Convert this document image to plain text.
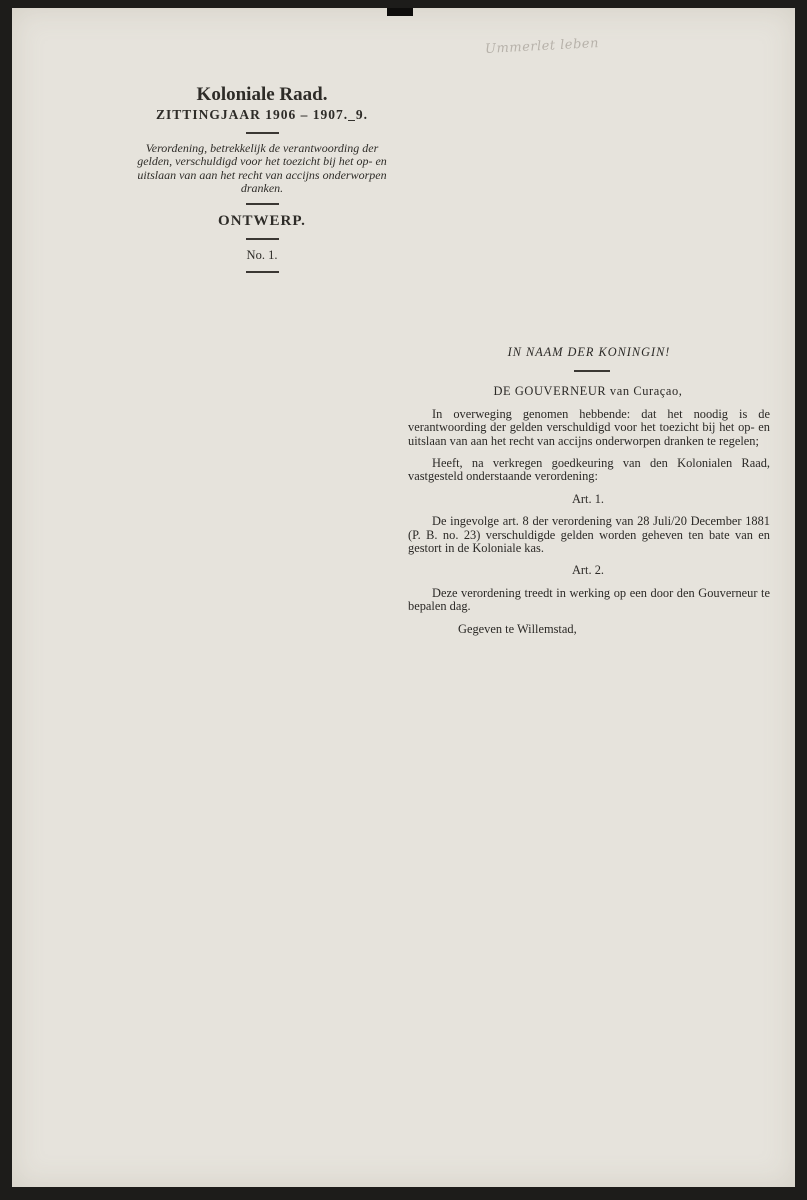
Ummerlet leben
Koloniale Raad.
ZITTINGJAAR 1906 – 1907._9.
Verordening, betrekkelijk de verantwoording der gelden, verschuldigd voor het toezicht bij het op- en uitslaan van aan het recht van accijns onderworpen dranken.
ONTWERP.
No. 1.
IN NAAM DER KONINGIN!
DE GOUVERNEUR van Curaçao,

In overweging genomen hebbende: dat het noodig is de verantwoording der gelden verschuldigd voor het toezicht bij het op- en uitslaan van aan het recht van accijns onderworpen dranken te regelen;

Heeft, na verkregen goedkeuring van den Kolonialen Raad, vastgesteld onderstaande verordening:

Art. 1.

De ingevolge art. 8 der verordening van 28 Juli/20 December 1881 (P. B. no. 23) verschuldigde gelden worden geheven ten bate van en gestort in de Koloniale kas.

Art. 2.

Deze verordening treedt in werking op een door den Gouverneur te bepalen dag.

Gegeven te Willemstad,
